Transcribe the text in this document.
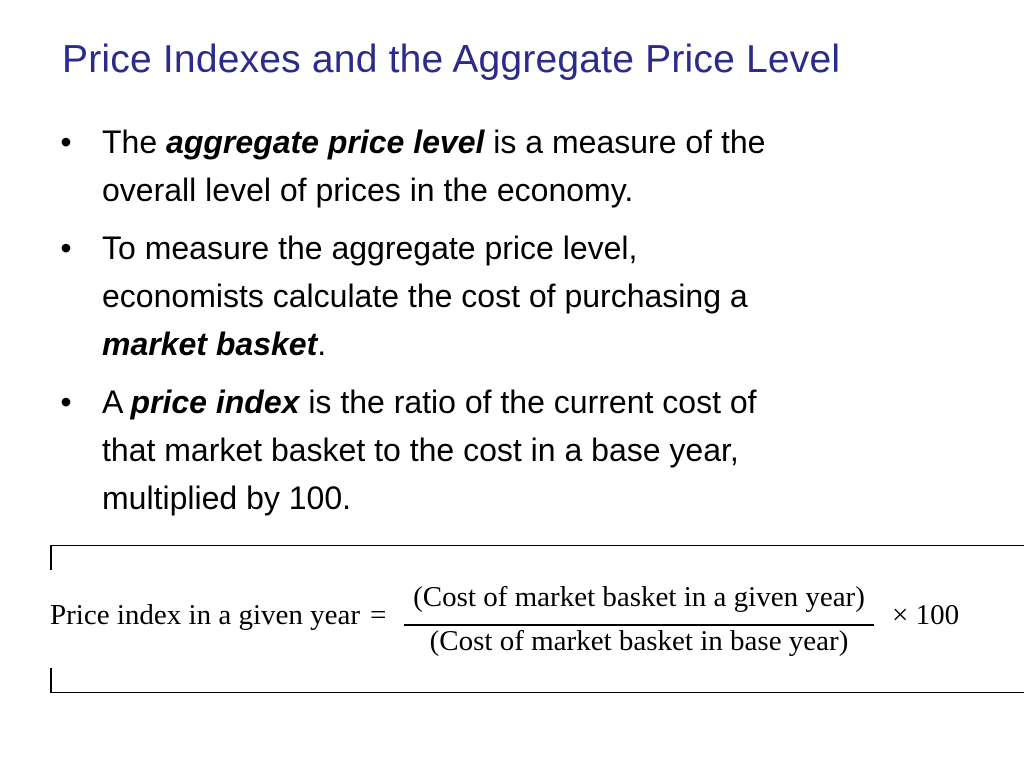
Price Indexes and the Aggregate Price Level
• The aggregate price level is a measure of the
overall level of prices in the economy.
• To measure the aggregate price level,
economists calculate the cost of purchasing a
market basket.
• A price index is the ratio of the current cost of
that market basket to the cost in a base year,
multiplied by 100.
Price index in a given year =
(Cost of market basket in a given year)
(Cost of market basket in base year)
× 100
